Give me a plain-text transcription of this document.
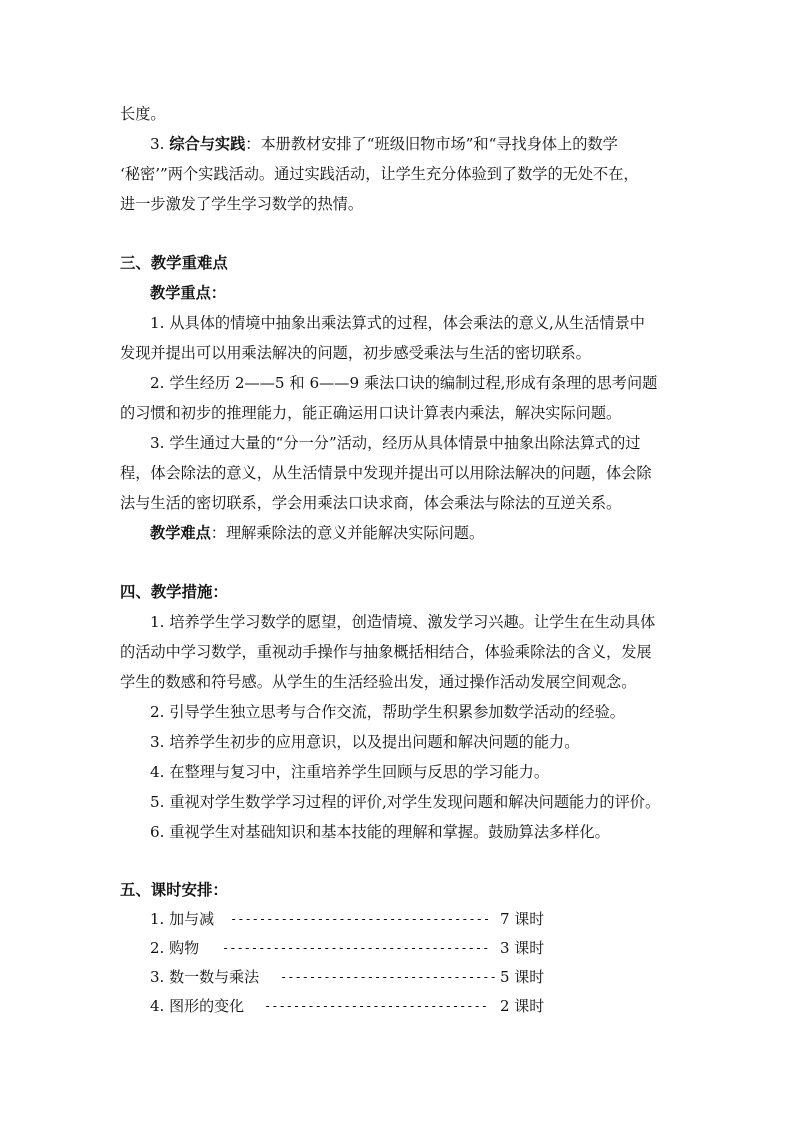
长度。
3. 综合与实践：本册教材安排了“班级旧物市场”和“寻找身体上的数学
‘秘密’”两个实践活动。通过实践活动，让学生充分体验到了数学的无处不在，
进一步激发了学生学习数学的热情。
三、教学重难点
教学重点：
1. 从具体的情境中抽象出乘法算式的过程，体会乘法的意义,从生活情景中
发现并提出可以用乘法解决的问题，初步感受乘法与生活的密切联系。
2. 学生经历 2——5 和 6——9 乘法口诀的编制过程,形成有条理的思考问题
的习惯和初步的推理能力，能正确运用口诀计算表内乘法，解决实际问题。
3. 学生通过大量的“分一分”活动，经历从具体情景中抽象出除法算式的过
程，体会除法的意义，从生活情景中发现并提出可以用除法解决的问题，体会除
法与生活的密切联系，学会用乘法口诀求商，体会乘法与除法的互逆关系。
教学难点：理解乘除法的意义并能解决实际问题。
四、教学措施：
1. 培养学生学习数学的愿望，创造情境、激发学习兴趣。让学生在生动具体
的活动中学习数学，重视动手操作与抽象概括相结合，体验乘除法的含义，发展
学生的数感和符号感。从学生的生活经验出发，通过操作活动发展空间观念。
2. 引导学生独立思考与合作交流，帮助学生积累参加数学活动的经验。
3. 培养学生初步的应用意识，以及提出问题和解决问题的能力。
4. 在整理与复习中，注重培养学生回顾与反思的学习能力。
5. 重视对学生数学学习过程的评价,对学生发现问题和解决问题能力的评价。
6. 重视学生对基础知识和基本技能的理解和掌握。鼓励算法多样化。
五、课时安排：
1. 加与减	------------------------------------ 7 课时
2. 购物	------------------------------------- 3 课时
3. 数一数与乘法	------------------------------ 5 课时
4. 图形的变化	------------------------------- 2 课时
